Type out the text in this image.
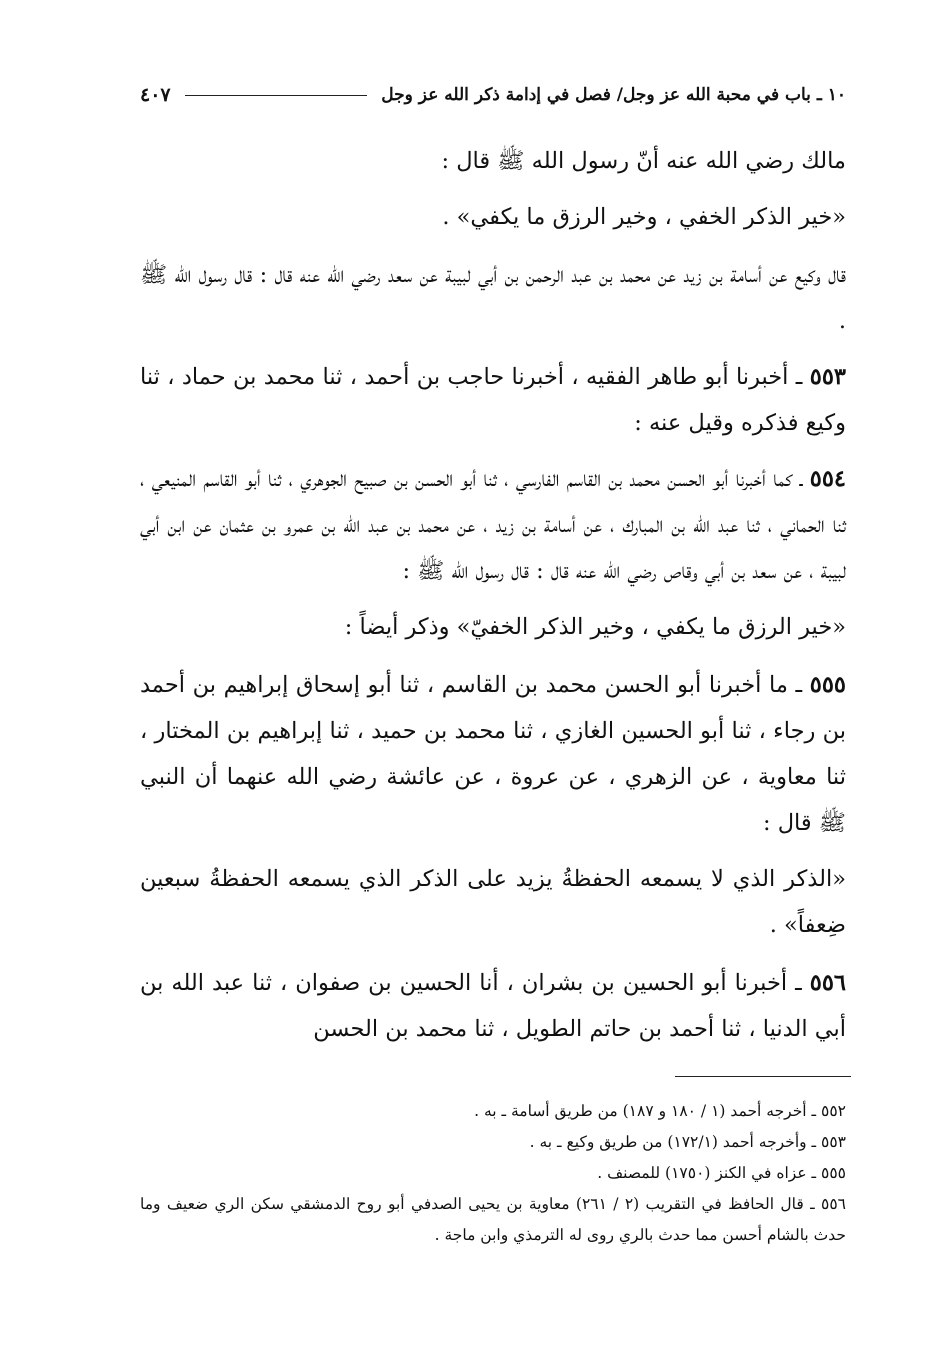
١٠ ـ باب في محبة الله عز وجل/ فصل في إدامة ذكر الله عز وجل
٤٠٧

مالك رضي الله عنه أنّ رسول الله ﷺ قال :

«خير الذكر الخفي ، وخير الرزق ما يكفي» .

قال وكيع عن أسامة بن زيد عن محمد بن عبد الرحمن بن أبي لبيبة عن سعد رضي الله عنه قال : قال رسول الله ﷺ .

٥٥٣ ـ أخبرنا أبو طاهر الفقيه ، أخبرنا حاجب بن أحمد ، ثنا محمد بن حماد ، ثنا وكيع فذكره وقيل عنه :

٥٥٤ ـ كما أخبرنا أبو الحسن محمد بن القاسم الفارسي ، ثنا أبو الحسن بن صبيح الجوهري ، ثنا أبو القاسم المنيعي ، ثنا الحماني ، ثنا عبد الله بن المبارك ، عن أسامة بن زيد ، عن محمد بن عبد الله بن عمرو بن عثمان عن ابن أبي لبيبة ، عن سعد بن أبي وقاص رضي الله عنه قال : قال رسول الله ﷺ :

«خير الرزق ما يكفي ، وخير الذكر الخفيّ» وذكر أيضاً :

٥٥٥ ـ ما أخبرنا أبو الحسن محمد بن القاسم ، ثنا أبو إسحاق إبراهيم بن أحمد بن رجاء ، ثنا أبو الحسين الغازي ، ثنا محمد بن حميد ، ثنا إبراهيم بن المختار ، ثنا معاوية ، عن الزهري ، عن عروة ، عن عائشة رضي الله عنهما أن النبي ﷺ قال :

«الذكر الذي لا يسمعه الحفظةُ يزيد على الذكر الذي يسمعه الحفظةُ سبعين ضِعفاً» .

٥٥٦ ـ أخبرنا أبو الحسين بن بشران ، أنا الحسين بن صفوان ، ثنا عبد الله بن أبي الدنيا ، ثنا أحمد بن حاتم الطويل ، ثنا محمد بن الحسن

٥٥٢ ـ أخرجه أحمد (١ / ١٨٠ و ١٨٧) من طريق أسامة ـ به .
٥٥٣ ـ وأخرجه أحمد (١٧٢/١) من طريق وكيع ـ به .
٥٥٥ ـ عزاه في الكنز (١٧٥٠) للمصنف .
٥٥٦ ـ قال الحافظ في التقريب (٢ / ٢٦١) معاوية بن يحيى الصدفي أبو روح الدمشقي سكن الري ضعيف وما حدث بالشام أحسن مما حدث بالري روى له الترمذي وابن ماجة .
